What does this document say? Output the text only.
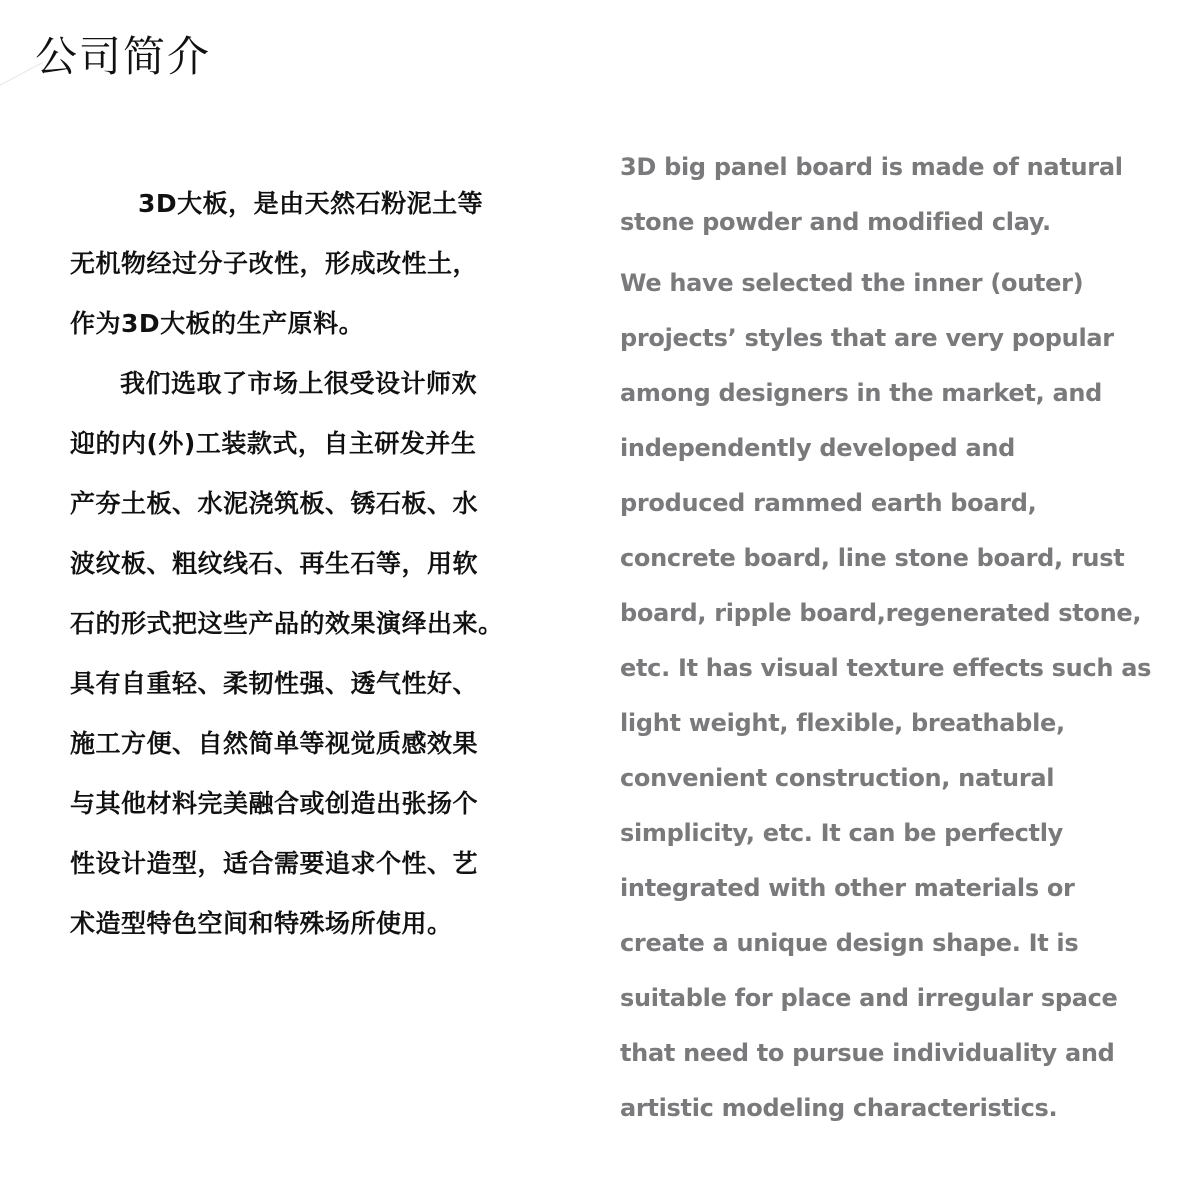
公司简介
3D大板，是由天然石粉泥土等
无机物经过分子改性，形成改性土，
作为3D大板的生产原料。
我们选取了市场上很受设计师欢
迎的内(外)工装款式，自主研发并生
产夯土板、水泥浇筑板、锈石板、水
波纹板、粗纹线石、再生石等，用软
石的形式把这些产品的效果演绎出来。
具有自重轻、柔韧性强、透气性好、
施工方便、自然简单等视觉质感效果
与其他材料完美融合或创造出张扬个
性设计造型，适合需要追求个性、艺
术造型特色空间和特殊场所使用。
3D big panel board is made of natural
stone powder and modified clay.
We have selected the inner (outer)
projects’ styles that are very popular
among designers in the market, and
independently developed and
produced rammed earth board,
concrete board, line stone board, rust
board, ripple board,regenerated stone,
etc. It has visual texture effects such as
light weight, flexible, breathable,
convenient construction, natural
simplicity, etc. It can be perfectly
integrated with other materials or
create a unique design shape. It is
suitable for place and irregular space
that need to pursue individuality and
artistic modeling characteristics.
